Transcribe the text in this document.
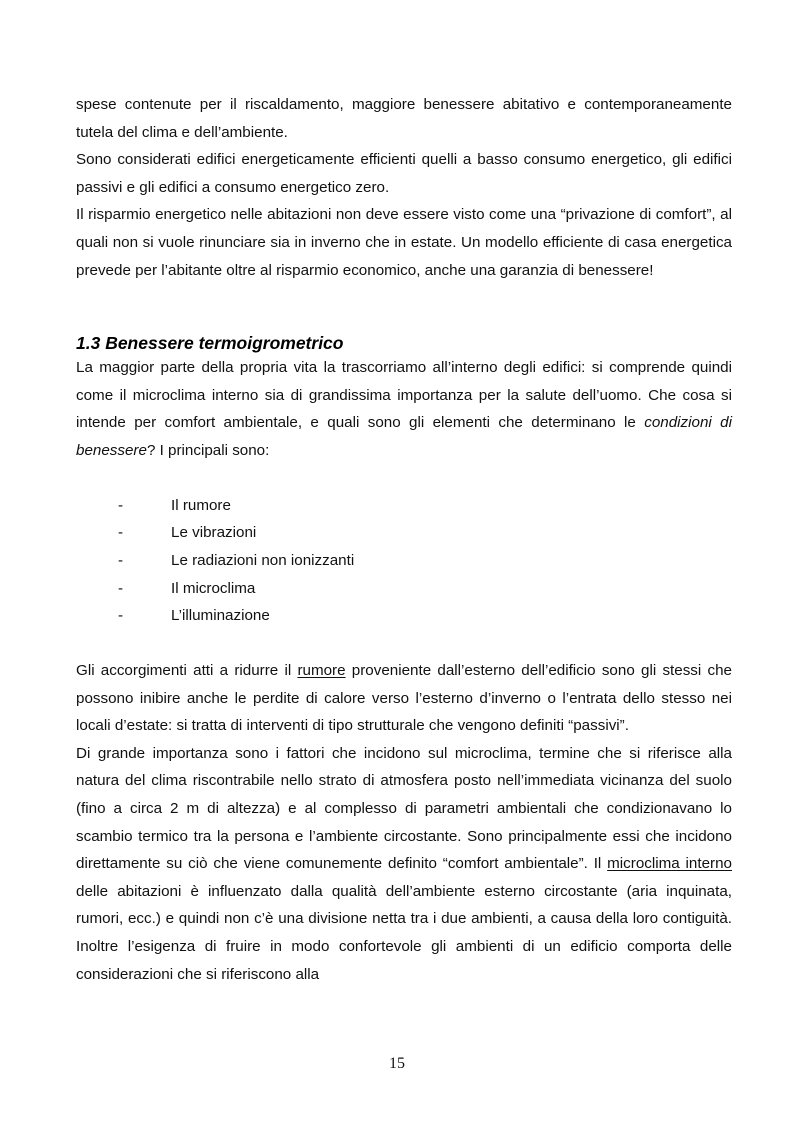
spese contenute per il riscaldamento, maggiore benessere abitativo e contemporaneamente tutela del clima e dell’ambiente.

Sono considerati edifici energeticamente efficienti quelli a basso consumo energetico, gli edifici passivi e gli edifici a consumo energetico zero.

Il risparmio energetico nelle abitazioni non deve essere visto come una “privazione di comfort”, al quali non si vuole rinunciare sia in inverno che in estate. Un modello efficiente di casa energetica prevede per l’abitante oltre al risparmio economico, anche una garanzia di benessere!

1.3 Benessere termoigrometrico

La maggior parte della propria vita la trascorriamo all’interno degli edifici: si comprende quindi come il microclima interno sia di grandissima importanza per la salute dell’uomo. Che cosa si intende per comfort ambientale, e quali sono gli elementi che determinano le condizioni di benessere? I principali sono:

-	Il rumore
-	Le vibrazioni
-	Le radiazioni non ionizzanti
-	Il microclima
-	L’illuminazione

Gli accorgimenti atti a ridurre il rumore proveniente dall’esterno dell’edificio sono gli stessi che possono inibire anche le perdite di calore verso l’esterno d’inverno o l’entrata dello stesso nei locali d’estate: si tratta di interventi di tipo strutturale che vengono definiti “passivi”.

Di grande importanza sono i fattori che incidono sul microclima, termine che si riferisce alla natura del clima riscontrabile nello strato di atmosfera posto nell’immediata vicinanza del suolo (fino a circa 2 m di altezza) e al complesso di parametri ambientali che condizionavano lo scambio termico tra la persona e l’ambiente circostante. Sono principalmente essi che incidono direttamente su ciò che viene comunemente definito “comfort ambientale”. Il microclima interno delle abitazioni è influenzato dalla qualità dell’ambiente esterno circostante (aria inquinata, rumori, ecc.) e quindi non c’è una divisione netta tra i due ambienti, a causa della loro contiguità. Inoltre l’esigenza di fruire in modo confortevole gli ambienti di un edificio comporta delle considerazioni che si riferiscono alla

15
